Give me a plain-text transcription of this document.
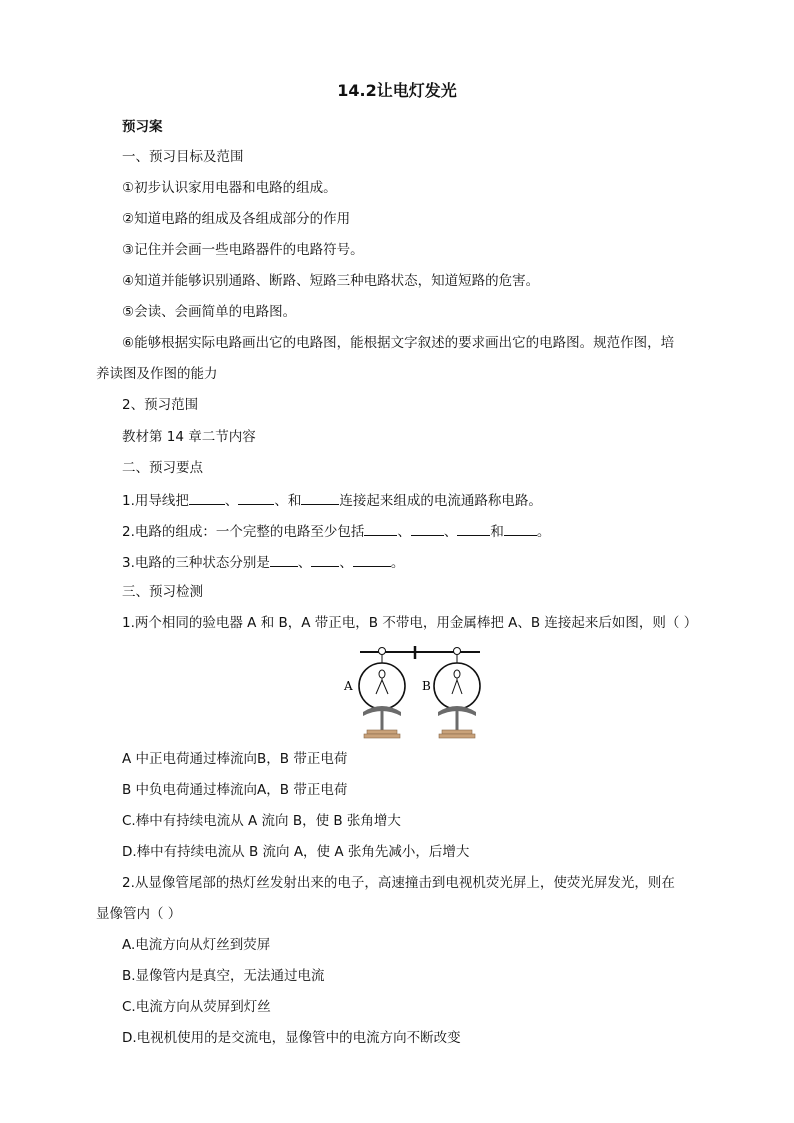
14.2让电灯发光
预习案
一、预习目标及范围
①初步认识家用电器和电路的组成。
②知道电路的组成及各组成部分的作用
③记住并会画一些电路器件的电路符号。
④知道并能够识别通路、断路、短路三种电路状态，知道短路的危害。
⑤会读、会画简单的电路图。
⑥能够根据实际电路画出它的电路图，能根据文字叙述的要求画出它的电路图。规范作图，培
养读图及作图的能力
2、预习范围
教材第 14 章二节内容
二、预习要点
1.用导线把	、	、和	连接起来组成的电流通路称电路。
2.电路的组成：一个完整的电路至少包括 、 、 和 。
3.电路的三种状态分别是 、 、	。
三、预习检测
1.两个相同的验电器 A 和 B，A 带正电，B 不带电，用金属棒把 A、B 连接起来后如图，则（ ）
A	B
A 中正电荷通过棒流向B，B 带正电荷
B 中负电荷通过棒流向A，B 带正电荷
C.棒中有持续电流从 A 流向 B，使 B 张角增大
D.棒中有持续电流从 B 流向 A，使 A 张角先减小，后增大
2.从显像管尾部的热灯丝发射出来的电子，高速撞击到电视机荧光屏上，使荧光屏发光，则在
显像管内（ ）
A.电流方向从灯丝到荧屏
B.显像管内是真空，无法通过电流
C.电流方向从荧屏到灯丝
D.电视机使用的是交流电，显像管中的电流方向不断改变
